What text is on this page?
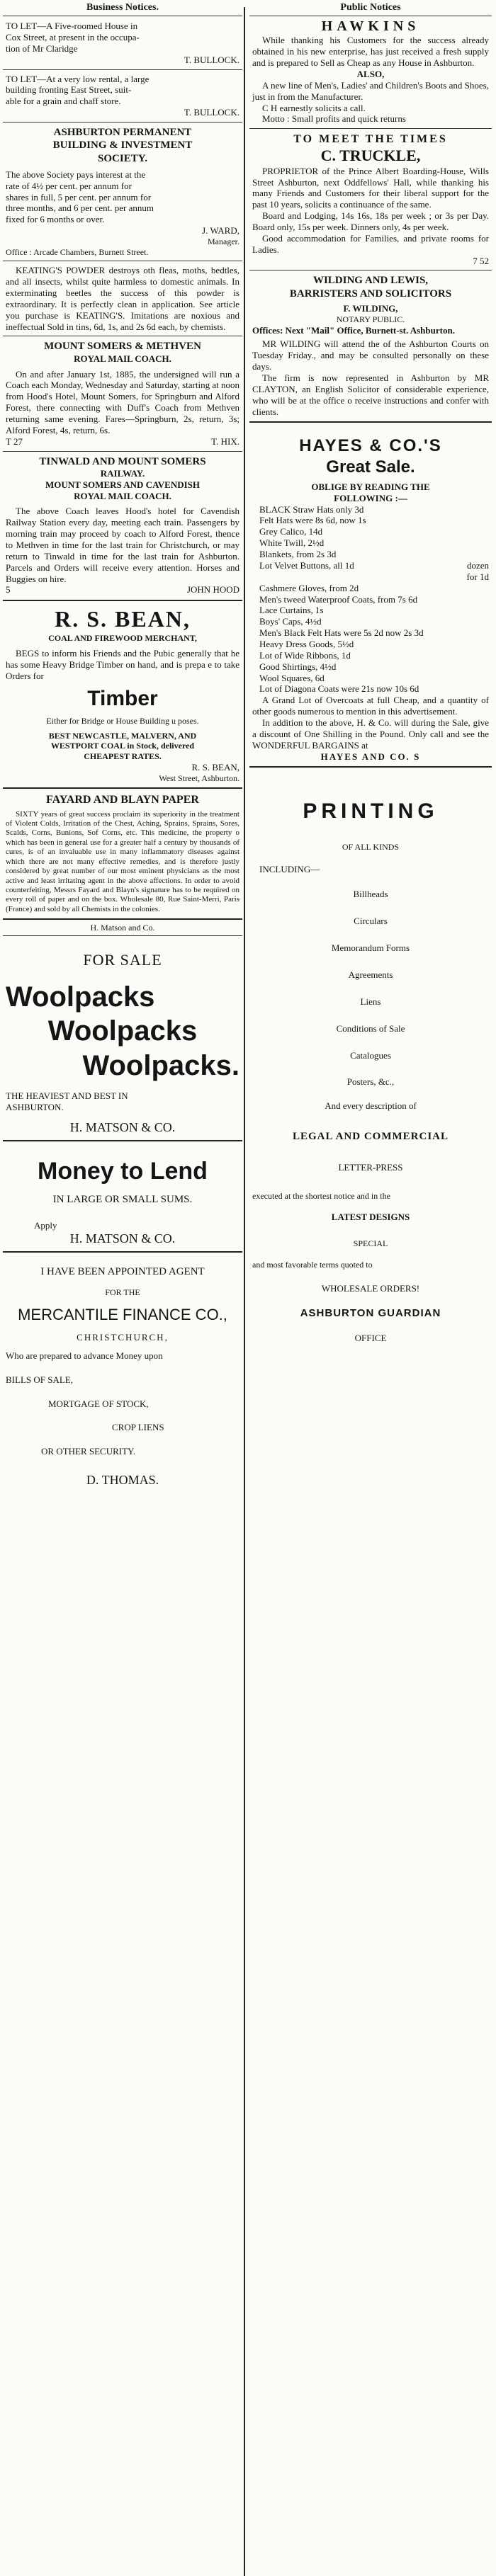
Business Notices.

TO LET—A Five-roomed House in

Cox Street, at present in the occupa-

tion of Mr Claridge

T. BULLOCK.

TO LET—At a very low rental, a large

building fronting East Street, suit-

able for a grain and chaff store.

T. BULLOCK.

ASHBURTON PERMANENT

BUILDING & INVESTMENT

SOCIETY.

The above Society pays interest at the

rate of 4½ per cent. per annum for

shares in full, 5 per cent. per annum for

three months, and 6 per cent. per annum

fixed for 6 months or over.

J. WARD,

Manager.

Office : Arcade Chambers, Burnett Street.

KEATING'S POWDER destroys oth fleas, moths, bedtles, and all insects, whilst quite harmless to domestic animals. In exterminating beetles the success of this powder is extraordinary. It is perfectly clean in application. See article you purchase is KEATING'S. Imitations are noxious and ineffectual Sold in tins, 6d, 1s, and 2s 6d each, by chemists.

MOUNT SOMERS & METHVEN

ROYAL MAIL COACH.

On and after January 1st, 1885, the undersigned will run a Coach each Monday, Wednesday and Saturday, starting at noon from Hood's Hotel, Mount Somers, for Springburn and Alford Forest, there connecting with Duff's Coach from Methven returning same evening. Fares—Springburn, 2s, return, 3s; Alford Forest, 4s, return, 6s.

T 27	T. HIX.

TINWALD AND MOUNT SOMERS

RAILWAY.

MOUNT SOMERS AND CAVENDISH

ROYAL MAIL COACH.

The above Coach leaves Hood's hotel for Cavendish Railway Station every day, meeting each train. Passengers by morning train may proceed by coach to Alford Forest, thence to Methven in time for the last train for Christchurch, or may return to Tinwald in time for the last train for Ashburton. Parcels and Orders will receive every attention. Horses and Buggies on hire.

5	JOHN HOOD

R. S. BEAN,

COAL AND FIREWOOD MERCHANT,

BEGS to inform his Friends and the Pubic generally that he has some Heavy Bridge Timber on hand, and is prepa e to take Orders for

Timber

Either for Bridge or House Building u poses.

BEST NEWCASTLE, MALVERN, AND

WESTPORT COAL in Stock, delivered

CHEAPEST RATES.

R. S. BEAN,

West Street, Ashburton.

FAYARD AND BLAYN PAPER

SIXTY years of great success proclaim its superiority in the treatment of Violent Colds, Irritation of the Chest, Aching, Sprains, Sprains, Sores, Scalds, Corns, Bunions, Sof Corns, etc. This medicine, the property o which has been in general use for a greater half a century by thousands of cures, is of an invaluable use in many inflammatory diseases against which there are not many effective remedies, and is therefore justly considered by great number of our most eminent physicians as the most active and least irritating agent in the above affections. In order to avoid counterfeiting, Messrs Fayard and Blayn's signature has to be required on every roll of paper and on the box. Wholesale 80, Rue Saint-Merri, Paris (France) and sold by all Chemists in the colonies.

H. Matson and Co.

FOR SALE

Woolpacks

Woolpacks

Woolpacks.

THE HEAVIEST AND BEST IN

ASHBURTON.

H. MATSON & CO.

Money to Lend

IN LARGE OR SMALL SUMS.

Apply

H. MATSON & CO.

I HAVE BEEN APPOINTED AGENT

FOR THE

MERCANTILE FINANCE CO.,

CHRISTCHURCH,

Who are prepared to advance Money upon

BILLS OF SALE,

MORTGAGE OF STOCK,

CROP LIENS

OR OTHER SECURITY.

D. THOMAS.

Public Notices

HAWKINS

While thanking his Customers for the success already obtained in his new enterprise, has just received a fresh supply and is prepared to Sell as Cheap as any House in Ashburton.

ALSO,

A new line of Men's, Ladies' and Children's Boots and Shoes, just in from the Manufacturer.

C H earnestly solicits a call.

Motto : Small profits and quick returns

TO MEET THE TIMES

C. TRUCKLE,

PROPRIETOR of the Prince Albert Boarding-House, Wills Street Ashburton, next Oddfellows' Hall, while thanking his many Friends and Customers for their liberal support for the past 10 years, solicits a continuance of the same.

Board and Lodging, 14s 16s, 18s per week ; or 3s per Day. Board only, 15s per week. Dinners only, 4s per week.

Good accommodation for Families, and private rooms for Ladies.

7 52

WILDING AND LEWIS,

BARRISTERS AND SOLICITORS

F. WILDING,

NOTARY PUBLIC.

Offices: Next "Mail" Office, Burnett-st. Ashburton.

MR WILDING will attend the of the Ashburton Courts on Tuesday Friday., and may be consulted personally on these days.

The firm is now represented in Ashburton by MR CLAYTON, an English Solicitor of considerable experience, who will be at the office o receive instructions and confer with clients.

HAYES & CO.'S

Great Sale.

OBLIGE BY READING THE

FOLLOWING :—

BLACK Straw Hats only 3d

Felt Hats were 8s 6d, now 1s

Grey Calico, 14d

White Twill, 2½d

Blankets, from 2s 3d

Lot Velvet Buttons, all 1d	dozen

for 1d

Cashmere Gloves, from 2d

Men's tweed Waterproof Coats, from 7s 6d

Lace Curtains, 1s

Boys' Caps, 4½d

Men's Black Felt Hats were 5s 2d now 2s 3d

Heavy Dress Goods, 5½d

Lot of Wide Ribbons, 1d

Good Shirtings, 4½d

Wool Squares, 6d

Lot of Diagona Coats were 21s now 10s 6d

A Grand Lot of Overcoats at full Cheap, and a quantity of other goods numerous to mention in this advertisement.

In addition to the above, H. & Co. will during the Sale, give a discount of One Shilling in the Pound. Only call and see the WONDERFUL BARGAINS at

HAYES AND CO. S

PRINTING

OF ALL KINDS

INCLUDING—

Billheads

Circulars

Memorandum Forms

Agreements

Liens

Conditions of Sale

Catalogues

Posters, &c.,

And every description of

LEGAL AND COMMERCIAL

LETTER-PRESS

executed at the shortest notice and in the

LATEST DESIGNS

SPECIAL

and most favorable terms quoted to

WHOLESALE ORDERS!

ASHBURTON GUARDIAN

OFFICE
